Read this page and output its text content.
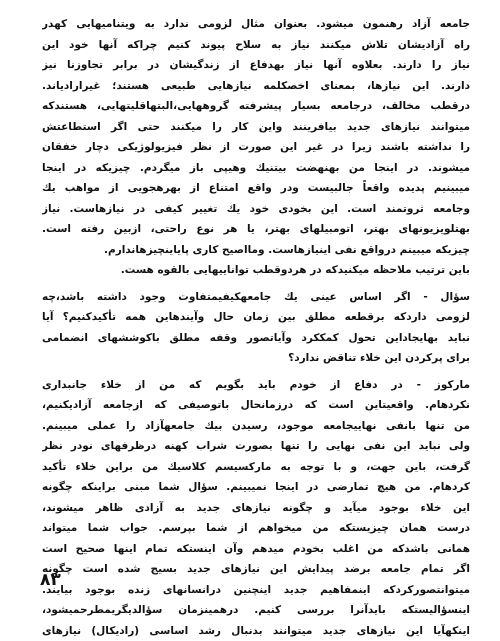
جامعه آزاد رهنمون میشود. بعنوان مثال لزومی ندارد به ویتنامیهایی کهدر
راه آزادیشان تلاش میکنند نیاز به سلاح پیوند کنیم چراکه آنها خود این
نیاز را دارند. بعلاوه آنها نیاز بهدفاع از زندگیشان در برابر تجاوزنا نیز
دارند. این نیازها، بمعنای اخصکلمه نیازهایی طبیعی هستند؛ غیرارادیاند.
درقطب مخالف، درجامعه بسیار پیشرفته گروههایی،البتهاقلیتهایی، هستندکه
میتوانند نیازهای جدید بیافرینند واین کار را میکنند حتی اگر استطاعتش
را نداشته باشند زیرا در غیر این صورت از نظر فیزیولوژیکی دچار خفقان
میشوند. در اینجا من بهنهضت بیتنیك وهیپی باز میگردم. چیزیکه در اینجا
میبینیم پدیده واقعاً جالبیست ودر واقع امتناع از بهرهجویی از مواهب یك
وجامعه ثروتمند است. این بخودی خود یك تغییر کیفی در نیازهاست. نیاز
بهتلویزیونهای بهتر، اتومبیلهای بهتر، یا هر نوع راحتی، ازبین رفته است.
چیزیکه میبینم درواقع نفی اینیازهاست. ومااصیح کاری پایاینچیزهاندارم.
باین ترتیب ملاحظه میکنیدکه در هردوقطب تواناییهایی بالقوه هست.
سؤال - اگر اساس عینی یك جامعهکیفیمتفاوت وجود داشته باشد،چه
لزومی داردکه برقطعه مطلق بین زمان حال وآیندهاین همه تأکیدکنیم؟ آیا
نباید بهایجاداین تحول کمککرد وآیاتصور وقفه مطلق باکوششهای انضمامی
برای پرکردن این خلاء تناقض ندارد؟
مارکوز - در دفاع از خودم باید بگویم که من از خلاء جانبداری
نکردهام. واقعیتاین است که درزمانحال باتوصیفی که ازجامعه آزادیکنیم،
من تنها بانفی نهاییجامعه موجود، رسیدن بیك جامعهآزاد را عملی میبینم.
ولی نباید این نفی نهایی را تنها بصورت شراب کهنه درظرفهای نودر نظر
گرفت، باین جهت، و با توجه به مارکسیسم کلاسیك من براین خلاء تأکید
کردهام. من هیچ تمارضی در اینجا نمیبینم. سؤال شما مبنی براینکه چگونه
این خلاء بوجود میآید و چگونه نیازهای جدید به آزادی ظاهر میشوند،
درست همان چیزیستکه من میخواهم از شما بپرسم. جواب شما میتواند
همانی باشدکه من اغلب بخودم میدهم وآن اینستکه تمام اینها صحیح است
اگر تمام جامعه برضد پیدایش این نیازهای جدید بسیج شده است چگونه
میتوانتصورکردکه اینمفاهیم جدید اینچنین درانسانهای زنده بوجود بیایند.
اینسؤالیستکه بایدآنرا بررسی کنیم. درهمینزمان سؤالدیگریمطرحمیشود،
اینکهآیا این نیازهای جدید میتوانند بدنبال رشد اساسی (رادیکال) نیازهای
۸۳
